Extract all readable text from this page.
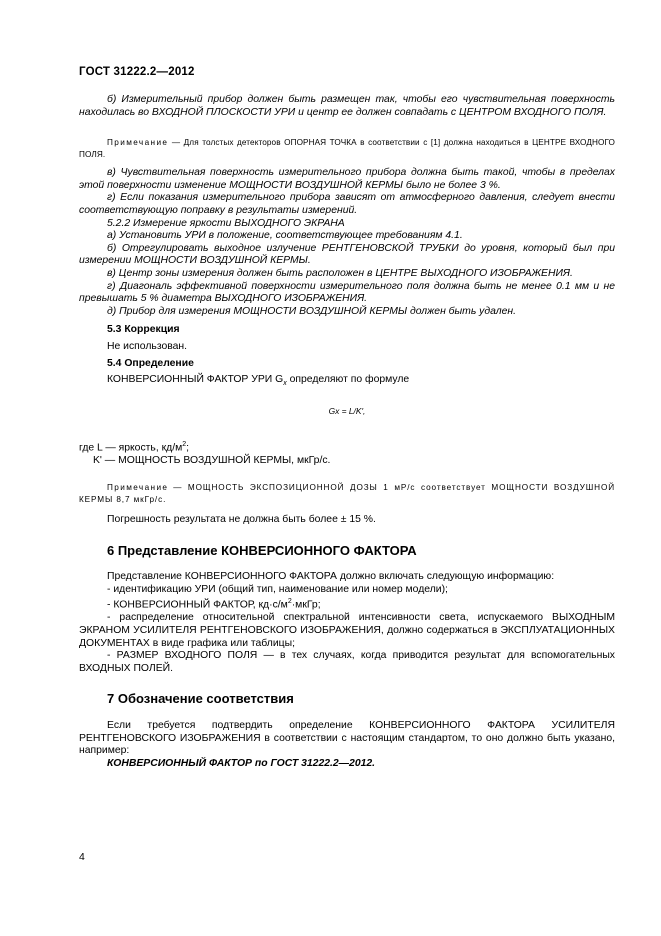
ГОСТ 31222.2—2012

б) Измерительный прибор должен быть размещен так, чтобы его чувствительная поверхность находилась во ВХОДНОЙ ПЛОСКОСТИ УРИ и центр ее должен совпадать с ЦЕНТРОМ ВХОДНОГО ПОЛЯ.

Примечание — Для толстых детекторов ОПОРНАЯ ТОЧКА в соответствии с [1] должна находиться в ЦЕНТРЕ ВХОДНОГО ПОЛЯ.

в) Чувствительная поверхность измерительного прибора должна быть такой, чтобы в пределах этой поверхности изменение МОЩНОСТИ ВОЗДУШНОЙ КЕРМЫ было не более 3 %.

г) Если показания измерительного прибора зависят от атмосферного давления, следует внести соответствующую поправку в результаты измерений.

5.2.2 Измерение яркости ВЫХОДНОГО ЭКРАНА

а) Установить УРИ в положение, соответствующее требованиям 4.1.

б) Отрегулировать выходное излучение РЕНТГЕНОВСКОЙ ТРУБКИ до уровня, который был при измерении МОЩНОСТИ ВОЗДУШНОЙ КЕРМЫ.

в) Центр зоны измерения должен быть расположен в ЦЕНТРЕ ВЫХОДНОГО ИЗОБРАЖЕНИЯ.

г) Диагональ эффективной поверхности измерительного поля должна быть не менее 0.1 мм и не превышать 5 % диаметра ВЫХОДНОГО ИЗОБРАЖЕНИЯ.

д) Прибор для измерения МОЩНОСТИ ВОЗДУШНОЙ КЕРМЫ должен быть удален.

5.3 Коррекция

Не использован.

5.4 Определение

КОНВЕРСИОННЫЙ ФАКТОР УРИ $G_x$ определяют по формуле

Gx = L/K',

где L — яркость, $кд/м^2$;

K' — МОЩНОСТЬ ВОЗДУШНОЙ КЕРМЫ, мкГр/с.

Примечание — МОЩНОСТЬ ЭКСПОЗИЦИОННОЙ ДОЗЫ 1 мР/с соответствует МОЩНОСТИ ВОЗДУШНОЙ КЕРМЫ 8,7 мкГр/с.

Погрешность результата не должна быть более ± 15 %.

6 Представление КОНВЕРСИОННОГО ФАКТОРА

Представление КОНВЕРСИОННОГО ФАКТОРА должно включать следующую информацию:

- идентификацию УРИ (общий тип, наименование или номер модели);

- КОНВЕРСИОННЫЙ ФАКТОР, $кд\cdot с/м^2\cdot мкГр$;

- распределение относительной спектральной интенсивности света, испускаемого ВЫХОДНЫМ ЭКРАНОМ УСИЛИТЕЛЯ РЕНТГЕНОВСКОГО ИЗОБРАЖЕНИЯ, должно содержаться в ЭКСПЛУАТАЦИОННЫХ ДОКУМЕНТАХ в виде графика или таблицы;

- РАЗМЕР ВХОДНОГО ПОЛЯ — в тех случаях, когда приводится результат для вспомогательных ВХОДНЫХ ПОЛЕЙ.

7 Обозначение соответствия

Если требуется подтвердить определение КОНВЕРСИОННОГО ФАКТОРА УСИЛИТЕЛЯ РЕНТГЕНОВСКОГО ИЗОБРАЖЕНИЯ в соответствии с настоящим стандартом, то оно должно быть указано, например:

КОНВЕРСИОННЫЙ ФАКТОР по ГОСТ 31222.2—2012.

4
